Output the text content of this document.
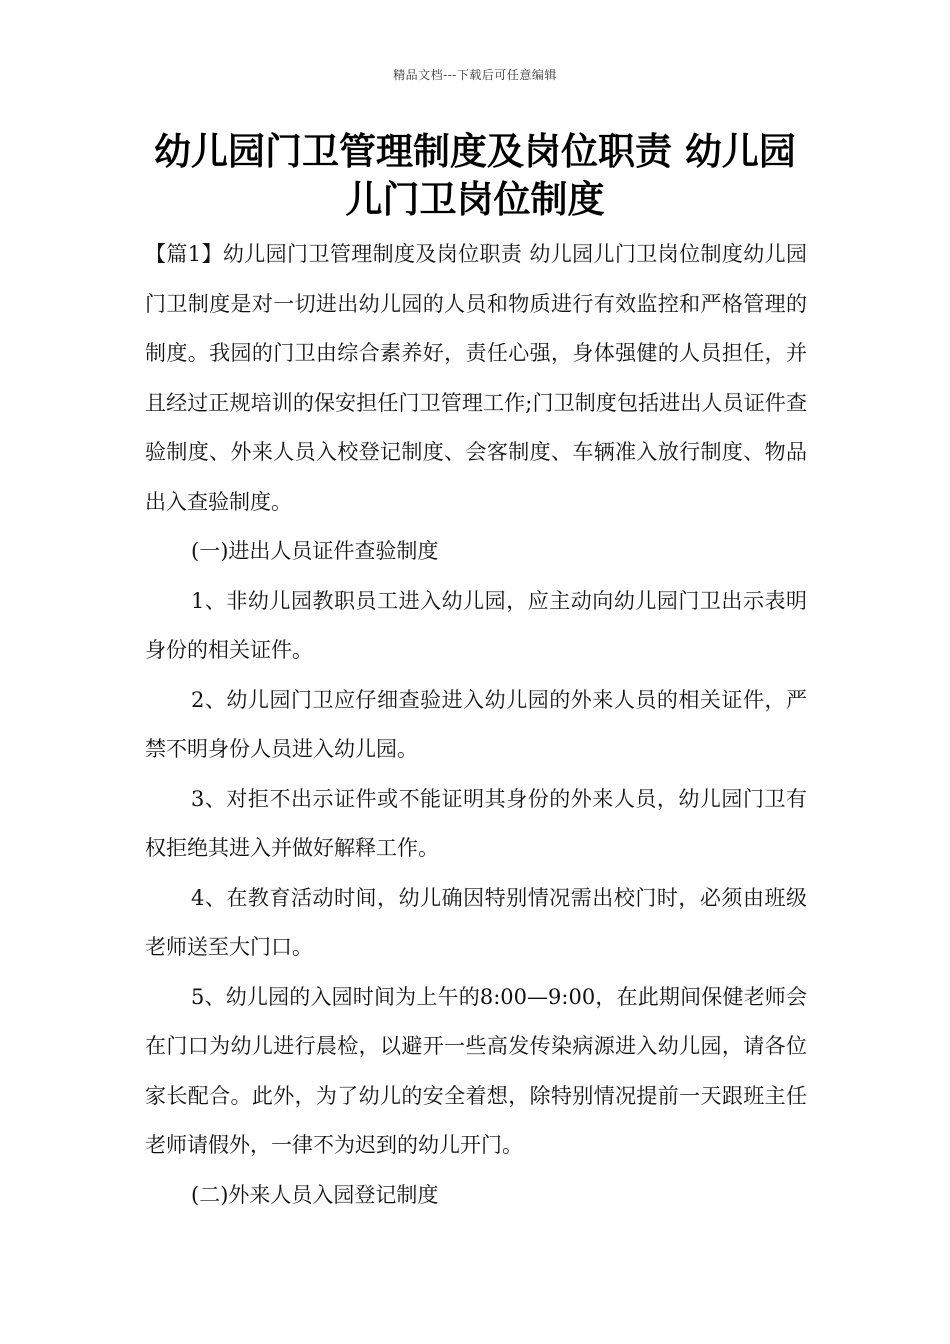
精品文档---下载后可任意编辑
幼儿园门卫管理制度及岗位职责 幼儿园儿门卫岗位制度

【篇1】幼儿园门卫管理制度及岗位职责 幼儿园儿门卫岗位制度幼儿园门卫制度是对一切进出幼儿园的人员和物质进行有效监控和严格管理的制度。我园的门卫由综合素养好，责任心强，身体强健的人员担任，并且经过正规培训的保安担任门卫管理工作;门卫制度包括进出人员证件查验制度、外来人员入校登记制度、会客制度、车辆准入放行制度、物品出入查验制度。

(一)进出人员证件查验制度

1、非幼儿园教职员工进入幼儿园，应主动向幼儿园门卫出示表明身份的相关证件。

2、幼儿园门卫应仔细查验进入幼儿园的外来人员的相关证件，严禁不明身份人员进入幼儿园。

3、对拒不出示证件或不能证明其身份的外来人员，幼儿园门卫有权拒绝其进入并做好解释工作。

4、在教育活动时间，幼儿确因特别情况需出校门时，必须由班级老师送至大门口。

5、幼儿园的入园时间为上午的8:00—9:00，在此期间保健老师会在门口为幼儿进行晨检，以避开一些高发传染病源进入幼儿园，请各位家长配合。此外，为了幼儿的安全着想，除特别情况提前一天跟班主任老师请假外，一律不为迟到的幼儿开门。

(二)外来人员入园登记制度
